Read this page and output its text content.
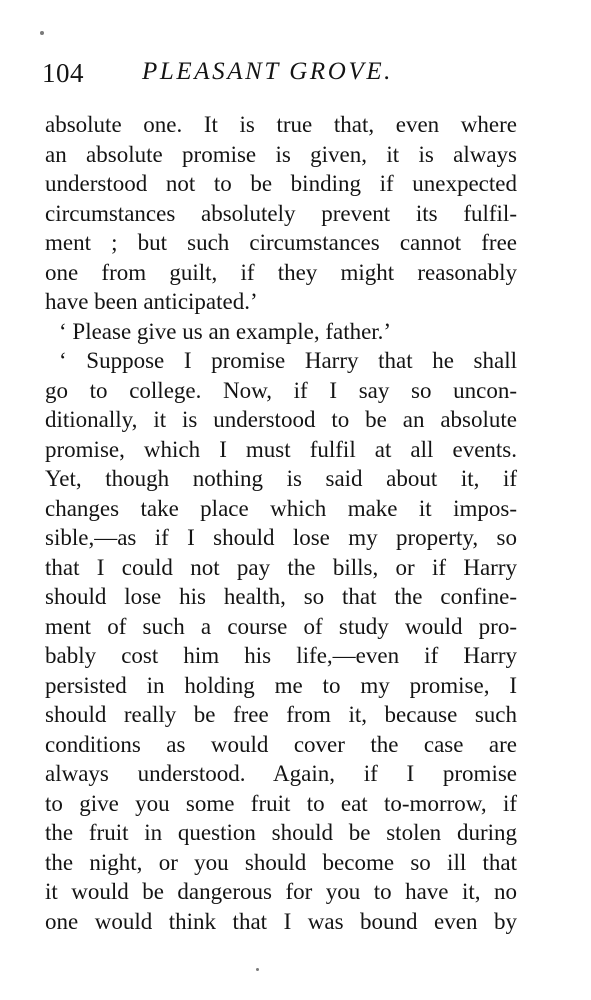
104 PLEASANT GROVE.
absolute one. It is true that, even where
an absolute promise is given, it is always
understood not to be binding if unexpected
circumstances absolutely prevent its fulfil-
ment ; but such circumstances cannot free
one from guilt, if they might reasonably
have been anticipated.’
‘ Please give us an example, father.’
‘ Suppose I promise Harry that he shall
go to college. Now, if I say so uncon-
ditionally, it is understood to be an absolute
promise, which I must fulfil at all events.
Yet, though nothing is said about it, if
changes take place which make it impos-
sible,—as if I should lose my property, so
that I could not pay the bills, or if Harry
should lose his health, so that the confine-
ment of such a course of study would pro-
bably cost him his life,—even if Harry
persisted in holding me to my promise, I
should really be free from it, because such
conditions as would cover the case are
always understood. Again, if I promise
to give you some fruit to eat to-morrow, if
the fruit in question should be stolen during
the night, or you should become so ill that
it would be dangerous for you to have it, no
one would think that I was bound even by
